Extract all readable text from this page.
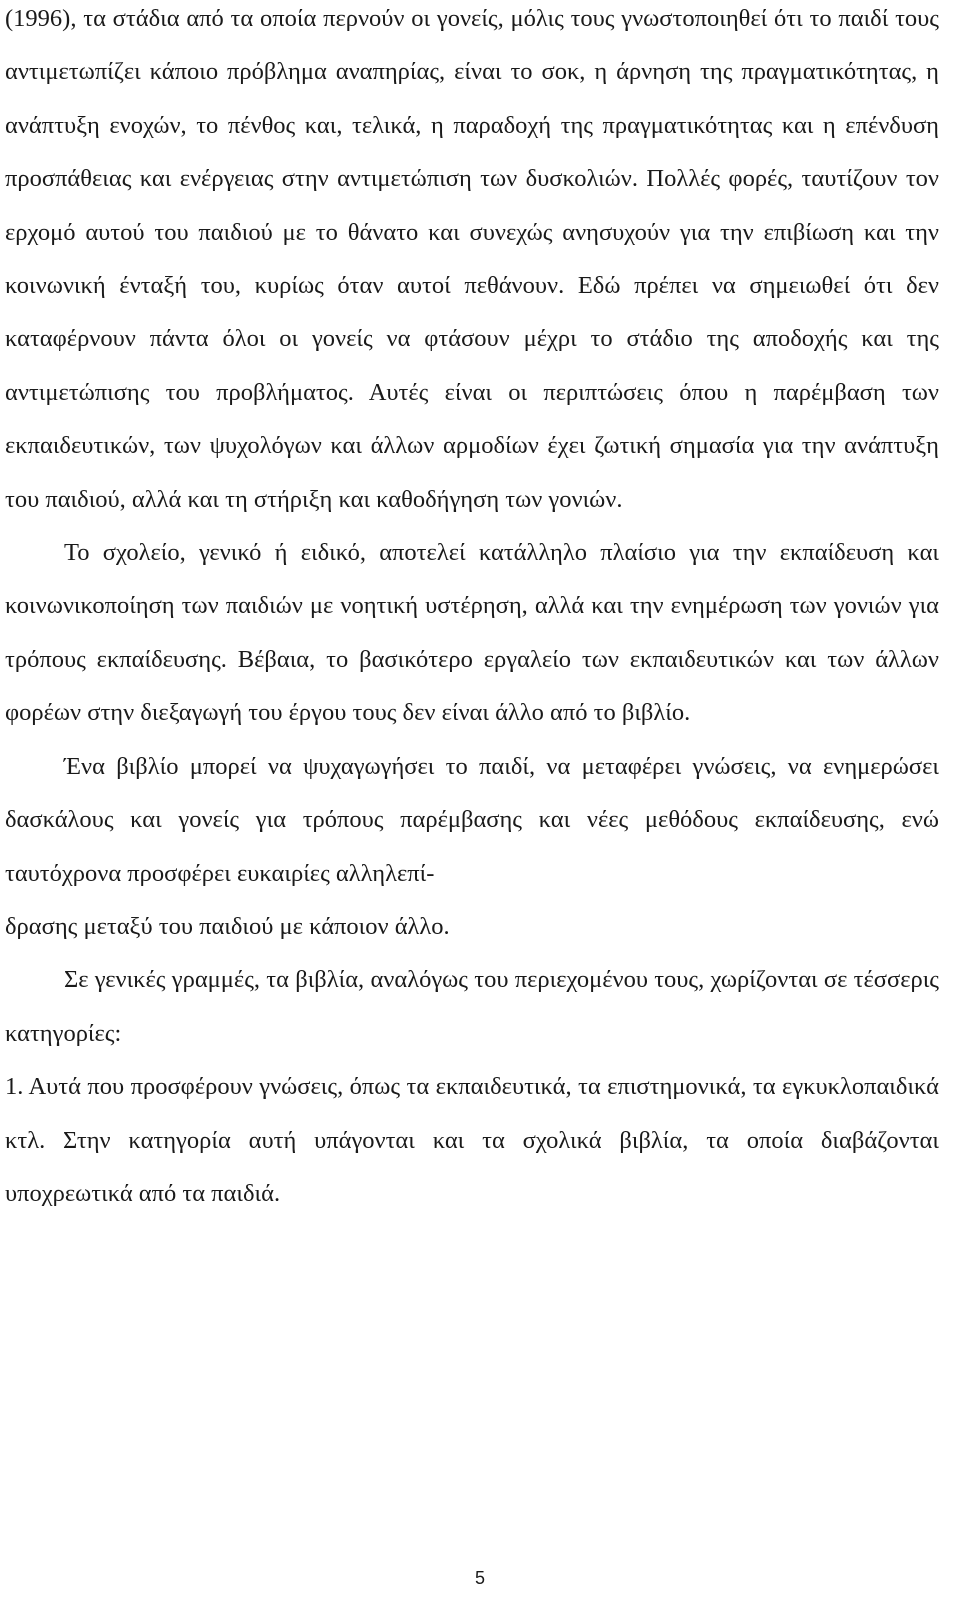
(1996), τα στάδια από τα οποία περνούν οι γονείς, μόλις τους γνωστοποιηθεί ότι το παιδί τους αντιμετωπίζει κάποιο πρόβλημα αναπηρίας, είναι το σοκ, η άρνηση της πραγματικότητας, η ανάπτυξη ενοχών, το πένθος και, τελικά, η παραδοχή της πραγματικότητας και η επένδυση προσπάθειας και ενέργειας στην αντιμετώπιση των δυσκολιών. Πολλές φορές, ταυτίζουν τον ερχομό αυτού του παιδιού με το θάνατο και συνεχώς ανησυχούν για την επιβίωση και την κοινωνική ένταξή του, κυρίως όταν αυτοί πεθάνουν. Εδώ πρέπει να σημειωθεί ότι δεν καταφέρνουν πάντα όλοι οι γονείς να φτάσουν μέχρι το στάδιο της αποδοχής και της αντιμετώπισης του προβλήματος. Αυτές είναι οι περιπτώσεις όπου η παρέμβαση των εκπαιδευτικών, των ψυχολόγων και άλλων αρμοδίων έχει ζωτική σημασία για την ανάπτυξη του παιδιού, αλλά και τη στήριξη και καθοδήγηση των γονιών.

Το σχολείο, γενικό ή ειδικό, αποτελεί κατάλληλο πλαίσιο για την εκπαίδευση και κοινωνικοποίηση των παιδιών με νοητική υστέρηση, αλλά και την ενημέρωση των γονιών για τρόπους εκπαίδευσης. Βέβαια, το βασικότερο εργαλείο των εκπαιδευτικών και των άλλων φορέων στην διεξαγωγή του έργου τους δεν είναι άλλο από το βιβλίο.

Ένα βιβλίο μπορεί να ψυχαγωγήσει το παιδί, να μεταφέρει γνώσεις, να ενημερώσει δασκάλους και γονείς για τρόπους παρέμβασης και νέες μεθόδους εκπαίδευσης, ενώ ταυτόχρονα προσφέρει ευκαιρίες αλληλεπί-
δρασης μεταξύ του παιδιού με κάποιον άλλο.

Σε γενικές γραμμές, τα βιβλία, αναλόγως του περιεχομένου τους, χωρίζονται σε τέσσερις κατηγορίες:

1. Αυτά που προσφέρουν γνώσεις, όπως τα εκπαιδευτικά, τα επιστημονικά, τα εγκυκλοπαιδικά κτλ. Στην κατηγορία αυτή υπάγονται και τα σχολικά βιβλία, τα οποία διαβάζονται υποχρεωτικά από τα παιδιά.

5
